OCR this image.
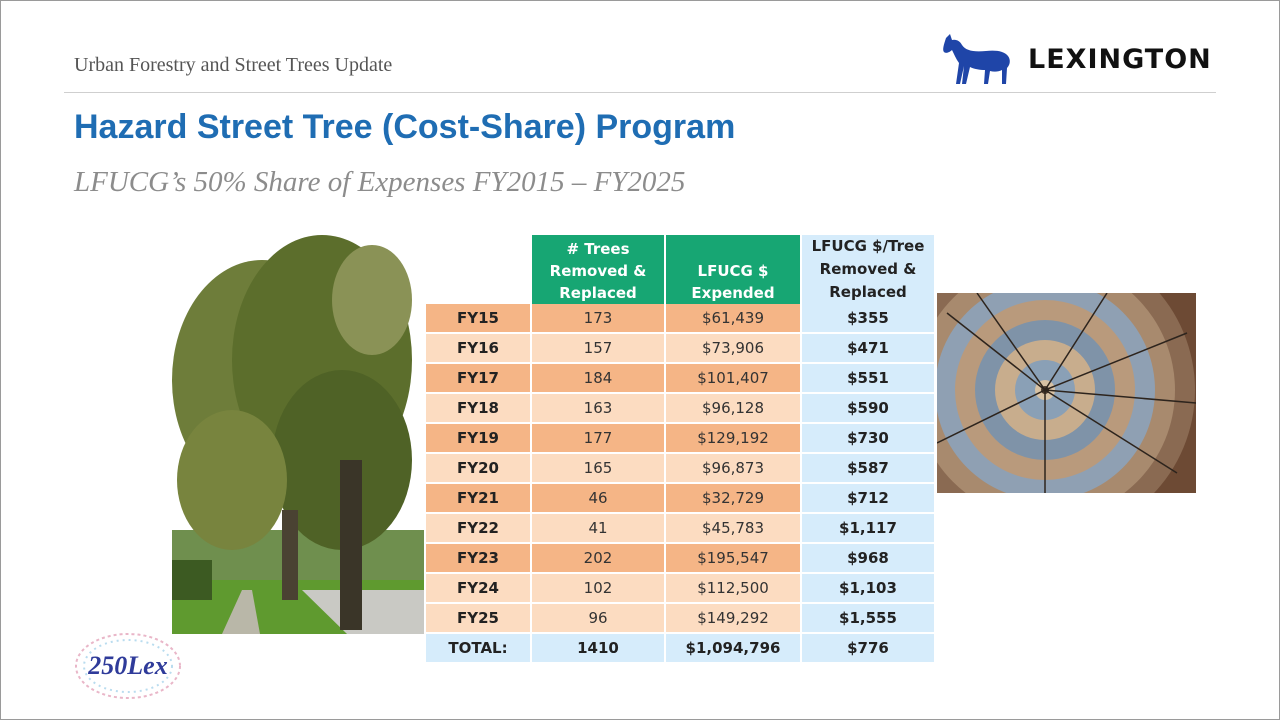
Urban Forestry and Street Trees Update	LEXINGTON
Hazard Street Tree (Cost-Share) Program
LFUCG’s 50% Share of Expenses FY2015 – FY2025
	# Trees Removed & Replaced	LFUCG $ Expended	LFUCG $/Tree Removed & Replaced
FY15	173	$61,439	$355
FY16	157	$73,906	$471
FY17	184	$101,407	$551
FY18	163	$96,128	$590
FY19	177	$129,192	$730
FY20	165	$96,873	$587
FY21	46	$32,729	$712
FY22	41	$45,783	$1,117
FY23	202	$195,547	$968
FY24	102	$112,500	$1,103
FY25	96	$149,292	$1,555
TOTAL:	1410	$1,094,796	$776
250Lex
